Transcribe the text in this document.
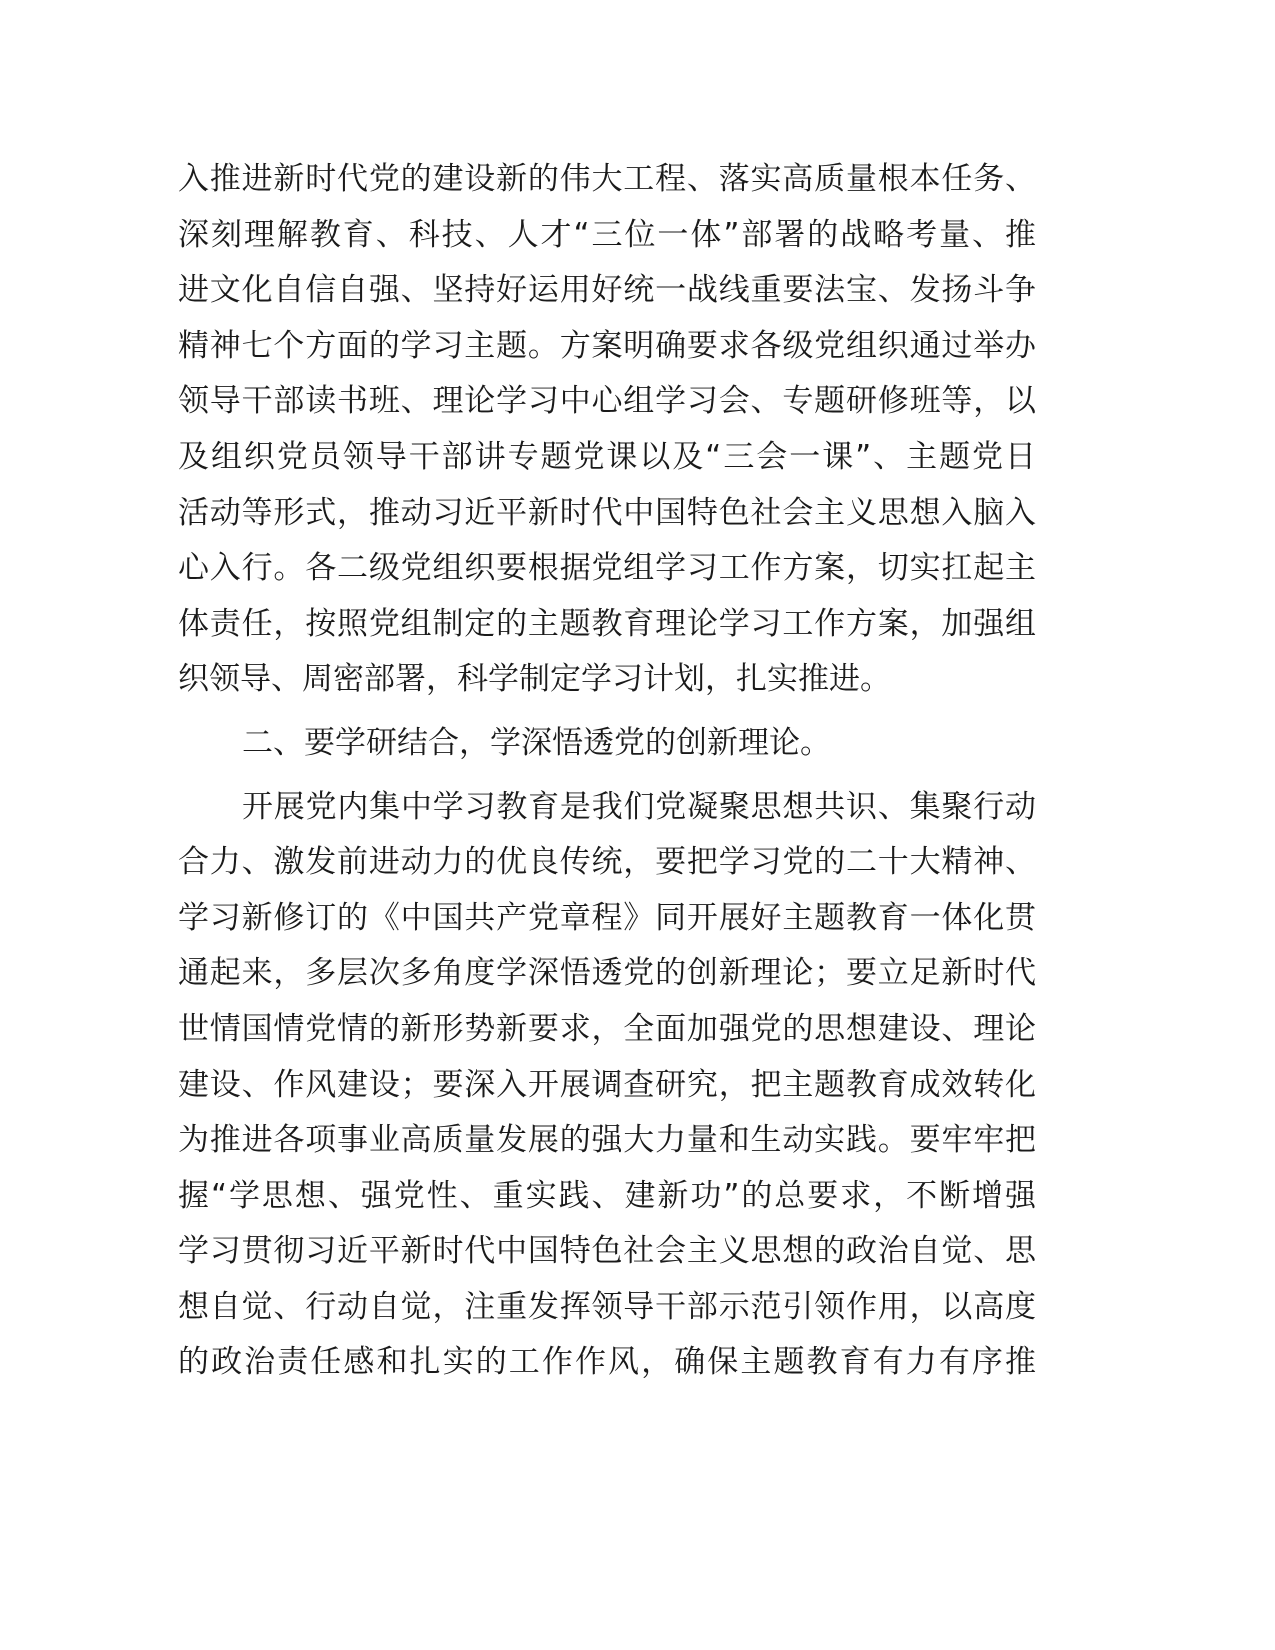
入推进新时代党的建设新的伟大工程、落实高质量根本任务、
深刻理解教育、科技、人才“三位一体”部署的战略考量、推
进文化自信自强、坚持好运用好统一战线重要法宝、发扬斗争
精神七个方面的学习主题。方案明确要求各级党组织通过举办
领导干部读书班、理论学习中心组学习会、专题研修班等，以
及组织党员领导干部讲专题党课以及“三会一课”、主题党日
活动等形式，推动习近平新时代中国特色社会主义思想入脑入
心入行。各二级党组织要根据党组学习工作方案，切实扛起主
体责任，按照党组制定的主题教育理论学习工作方案，加强组
织领导、周密部署，科学制定学习计划，扎实推进。
二、要学研结合，学深悟透党的创新理论。
开展党内集中学习教育是我们党凝聚思想共识、集聚行动
合力、激发前进动力的优良传统，要把学习党的二十大精神、
学习新修订的《中国共产党章程》同开展好主题教育一体化贯
通起来，多层次多角度学深悟透党的创新理论；要立足新时代
世情国情党情的新形势新要求，全面加强党的思想建设、理论
建设、作风建设；要深入开展调查研究，把主题教育成效转化
为推进各项事业高质量发展的强大力量和生动实践。要牢牢把
握“学思想、强党性、重实践、建新功”的总要求，不断增强
学习贯彻习近平新时代中国特色社会主义思想的政治自觉、思
想自觉、行动自觉，注重发挥领导干部示范引领作用，以高度
的政治责任感和扎实的工作作风，确保主题教育有力有序推
